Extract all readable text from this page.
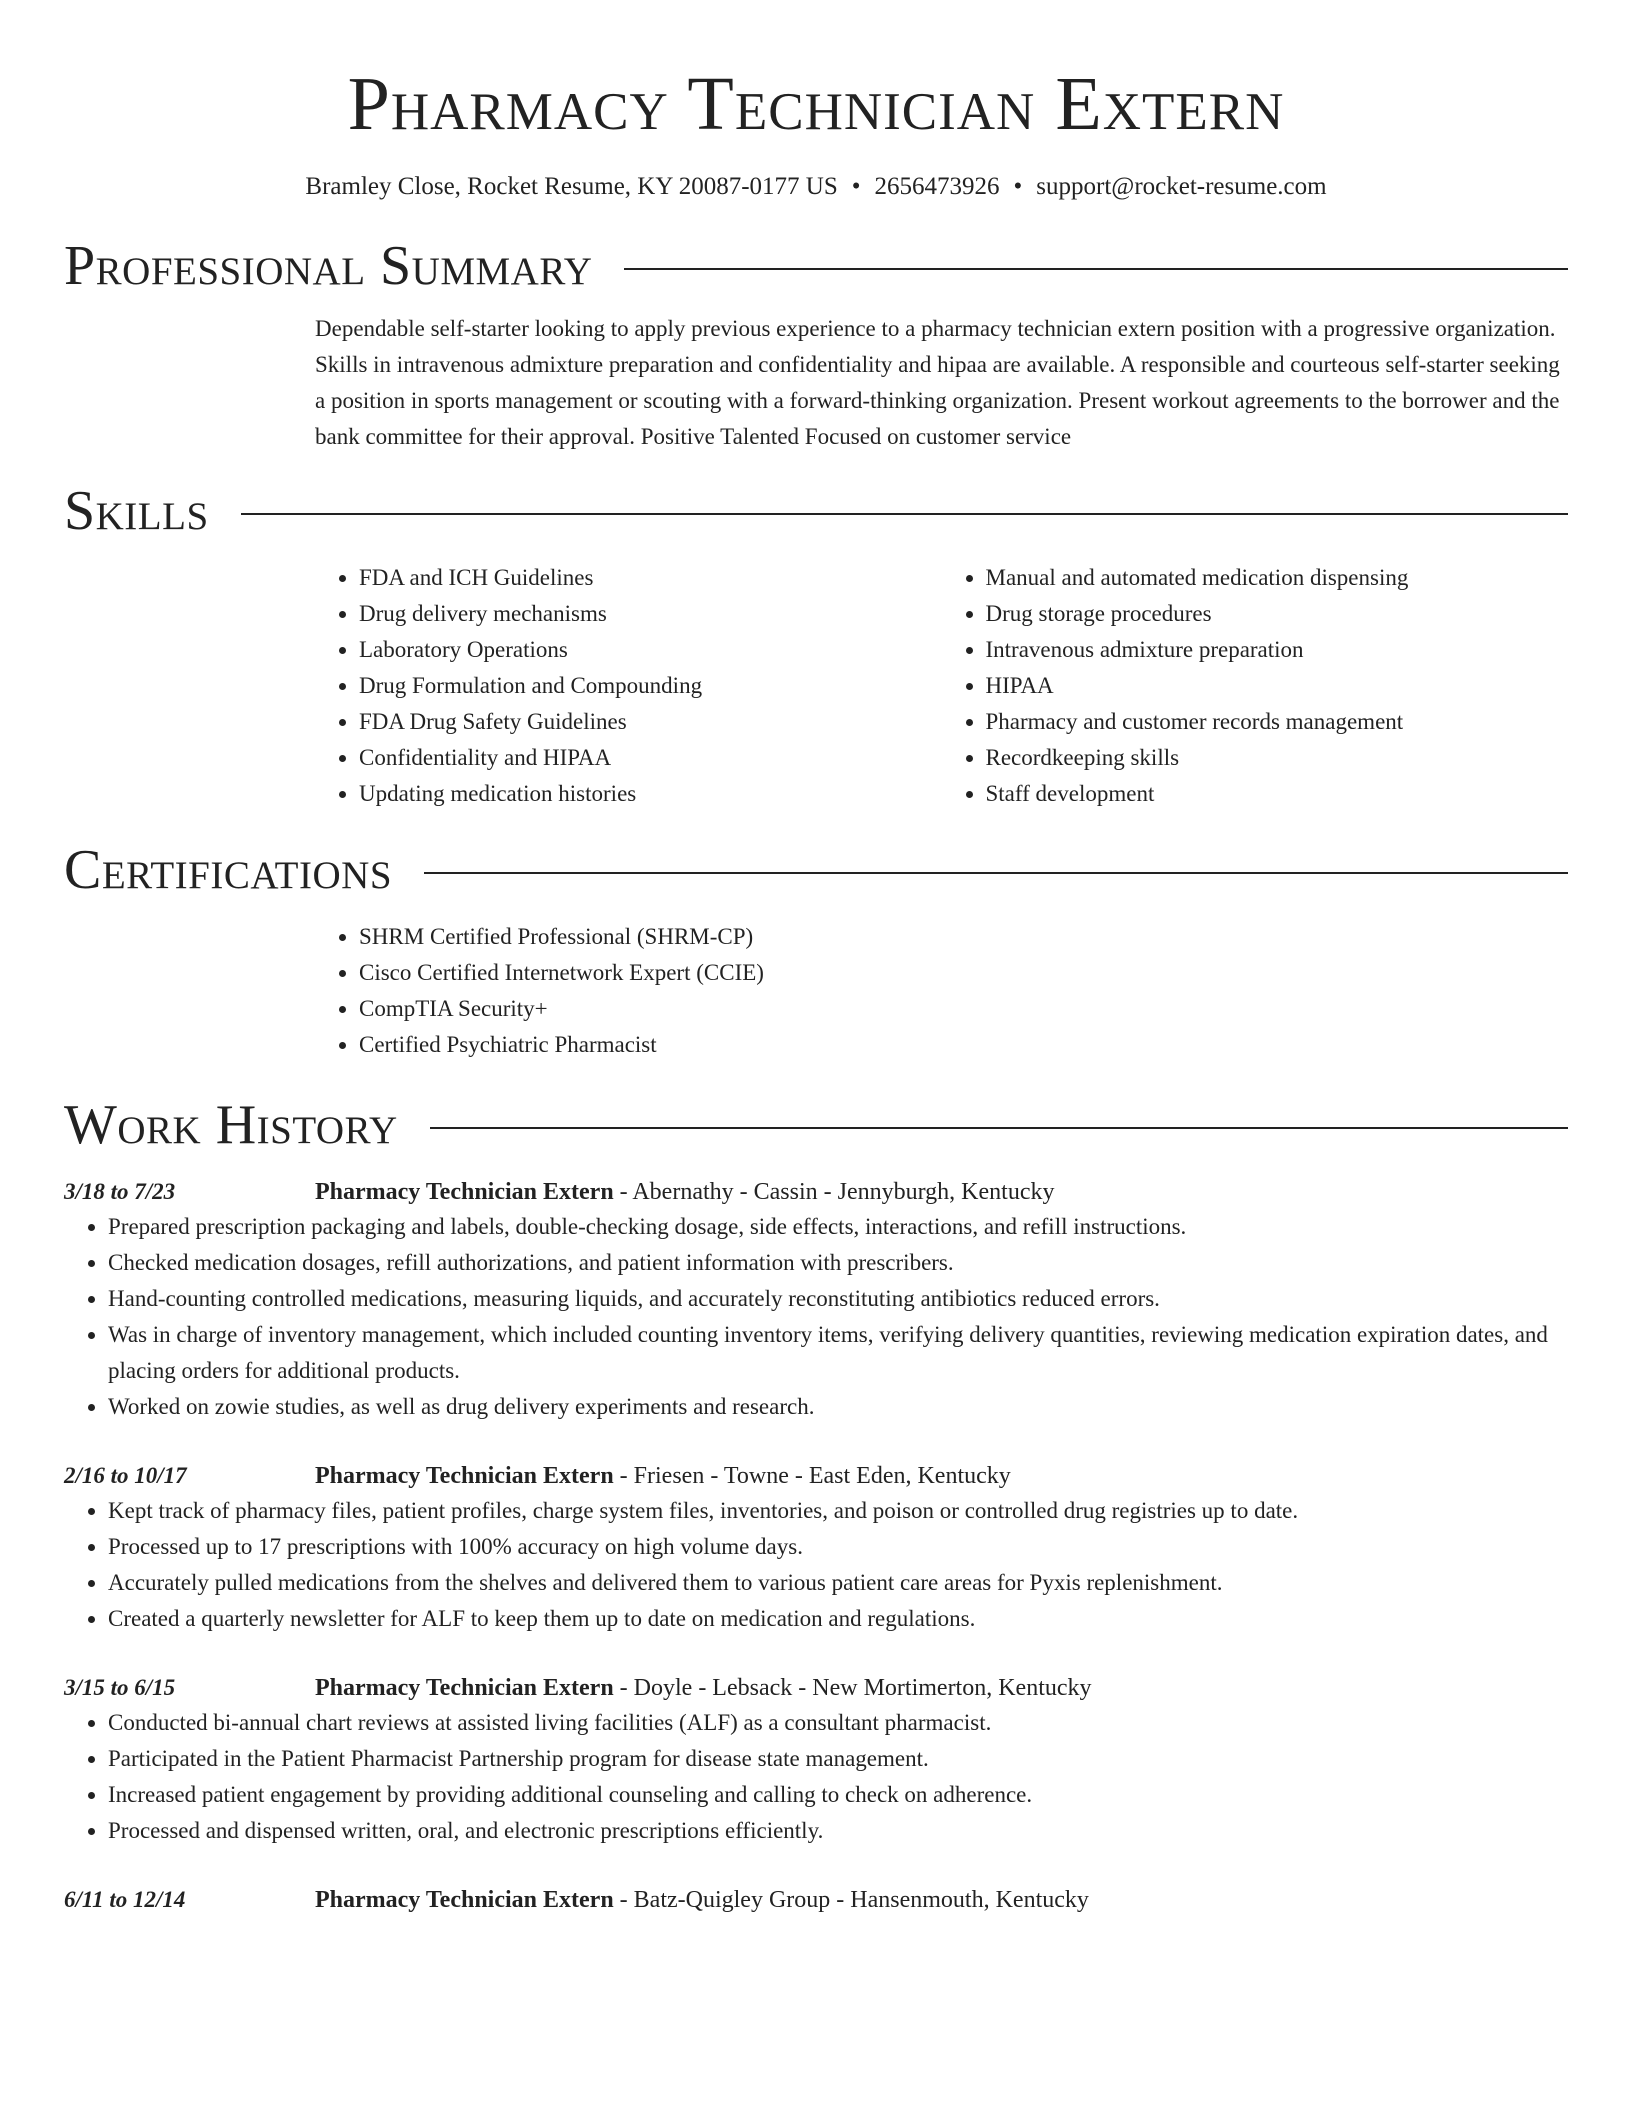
Pharmacy Technician Extern
Bramley Close, Rocket Resume, KY 20087-0177 US • 2656473926 • support@rocket-resume.com
Professional Summary

Dependable self-starter looking to apply previous experience to a pharmacy technician extern position with a progressive organization. Skills in intravenous admixture preparation and confidentiality and hipaa are available. A responsible and courteous self-starter seeking a position in sports management or scouting with a forward-thinking organization. Present workout agreements to the borrower and the bank committee for their approval. Positive Talented Focused on customer service

Skills
• FDA and ICH Guidelines
• Drug delivery mechanisms
• Laboratory Operations
• Drug Formulation and Compounding
• FDA Drug Safety Guidelines
• Confidentiality and HIPAA
• Updating medication histories
• Manual and automated medication dispensing
• Drug storage procedures
• Intravenous admixture preparation
• HIPAA
• Pharmacy and customer records management
• Recordkeeping skills
• Staff development
Certifications
• SHRM Certified Professional (SHRM-CP)
• Cisco Certified Internetwork Expert (CCIE)
• CompTIA Security+
• Certified Psychiatric Pharmacist
Work History
3/18 to 7/23	Pharmacy Technician Extern - Abernathy - Cassin - Jennyburgh, Kentucky
• Prepared prescription packaging and labels, double-checking dosage, side effects, interactions, and refill instructions.
• Checked medication dosages, refill authorizations, and patient information with prescribers.
• Hand-counting controlled medications, measuring liquids, and accurately reconstituting antibiotics reduced errors.
• Was in charge of inventory management, which included counting inventory items, verifying delivery quantities, reviewing medication expiration dates, and placing orders for additional products.
• Worked on zowie studies, as well as drug delivery experiments and research.
2/16 to 10/17	Pharmacy Technician Extern - Friesen - Towne - East Eden, Kentucky
• Kept track of pharmacy files, patient profiles, charge system files, inventories, and poison or controlled drug registries up to date.
• Processed up to 17 prescriptions with 100% accuracy on high volume days.
• Accurately pulled medications from the shelves and delivered them to various patient care areas for Pyxis replenishment.
• Created a quarterly newsletter for ALF to keep them up to date on medication and regulations.
3/15 to 6/15	Pharmacy Technician Extern - Doyle - Lebsack - New Mortimerton, Kentucky
• Conducted bi-annual chart reviews at assisted living facilities (ALF) as a consultant pharmacist.
• Participated in the Patient Pharmacist Partnership program for disease state management.
• Increased patient engagement by providing additional counseling and calling to check on adherence.
• Processed and dispensed written, oral, and electronic prescriptions efficiently.
6/11 to 12/14	Pharmacy Technician Extern - Batz-Quigley Group - Hansenmouth, Kentucky
